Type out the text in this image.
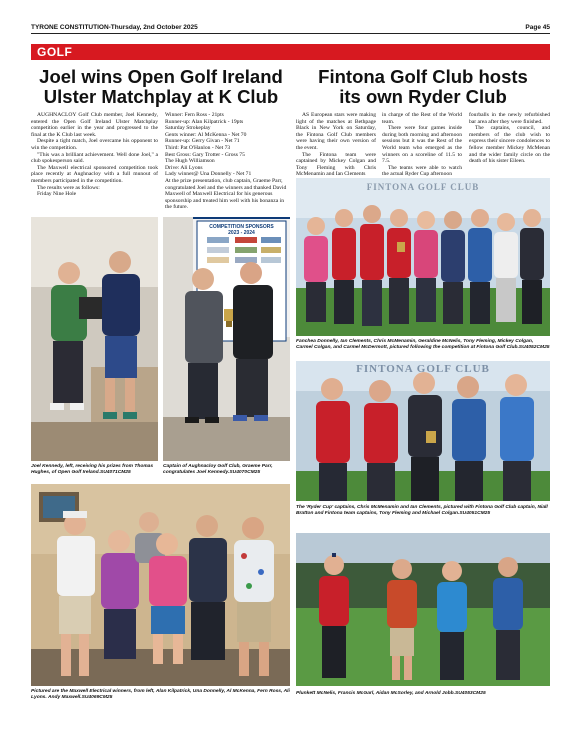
TYRONE CONSTITUTION-Thursday, 2nd October 2025	Page 45
GOLF
Joel wins Open Golf Ireland
Ulster Matchplay at K Club
Fintona Golf Club hosts
its own Ryder Club

AUGHNACLOY Golf Club member, Joel Kennedy, entered the Open Golf Ireland Ulster Matchplay competition earlier in the year and progressed to the final at the K Club last week.

Despite a tight match, Joel overcame his opponent to win the competition.

"This was a brilliant achievement. Well done Joel," a club spokesperson said.

The Maxwell electrical sponsored competition took place recently at Aughnacloy with a full munout of members participated in the competition.

The results were as follows:

Friday Nine Hole

Winner: Fern Ross - 21pts

Runner-up: Alan Kilpatrick - 19pts

Saturday Strokeplay

Gents winner: Al McKenna - Net 70

Runner-up: Gerry Givan - Net 71

Third: Pat O'Hanlon - Net 73

Best Gross: Gary Trotter - Gross 75

The Hugh Williamson

Drive: Ali Lyons

Lady winner@ Una Donnelly - Net 71

At the prize presentation, club captain, Graeme Parr, congratulated Joel and the winners and thanked David Maxwell of Maxwell Electrical for his generous sponsorship and treated him well with his bonanza in the future.

Joel Kennedy, left, receiving his prizes from Thomas Hughes, of Open Golf Ireland.SU4071CM25
COMPETITION SPONSORS
2023 - 2024
Captain of Aughnacloy Golf Club, Graeme Parr, congratulates Joel Kennedy.SU4070CM25
Pictured are the Maxwell Electrical winners, from left, Alan Kilpatrick, Una Donnelly, Al McKenna, Fern Ross, Ali Lyons. Andy Maxwell.SU4069CM25

AS European stars were making light of the matches at Bethpage Black in New York on Saturday, the Fintona Golf Club members were having their own version of the event.

The Fintona team were captained by Mickey Colgan and Tony Fleming with Chris McMenamin and Ian Clements

in charge of the Rest of the World team.

There were four games inside during both morning and afternoon sessions but it was the Rest of the World team who emerged as the winners on a scoreline of 11.5 to 7.5.

The teams were able to watch the actual Ryder Cup afternoon

fourballs in the newly refurbished bar area after they were finished.

The captains, council, and members of the club wish to express their sincere condolences to fellow member Mickey McMenan and the wider family circle on the death of his sister Eileen.

FINTONA GOLF CLUB
Fanchea Donnelly, Ian Clements, Chris McMenamin, Geraldine McNelis, Tony Fleming, Mickey Colgan, Carmel Colgan, and Carmel McDermott, pictured following the competition at Fintona Golf Club.SU4052CM25
FINTONA GOLF CLUB
The 'Ryder Cup' captains, Chris McMenamin and Ian Clements, pictured with Fintona Golf Club captain, Niall Bratton and Fintona team captains, Tony Fleming and Michael Colgan.SU4051CM25
Plunkett McNelis, Francis McGarl, Aidan McSorley, and Arnold Jobb.SU4053CM25
